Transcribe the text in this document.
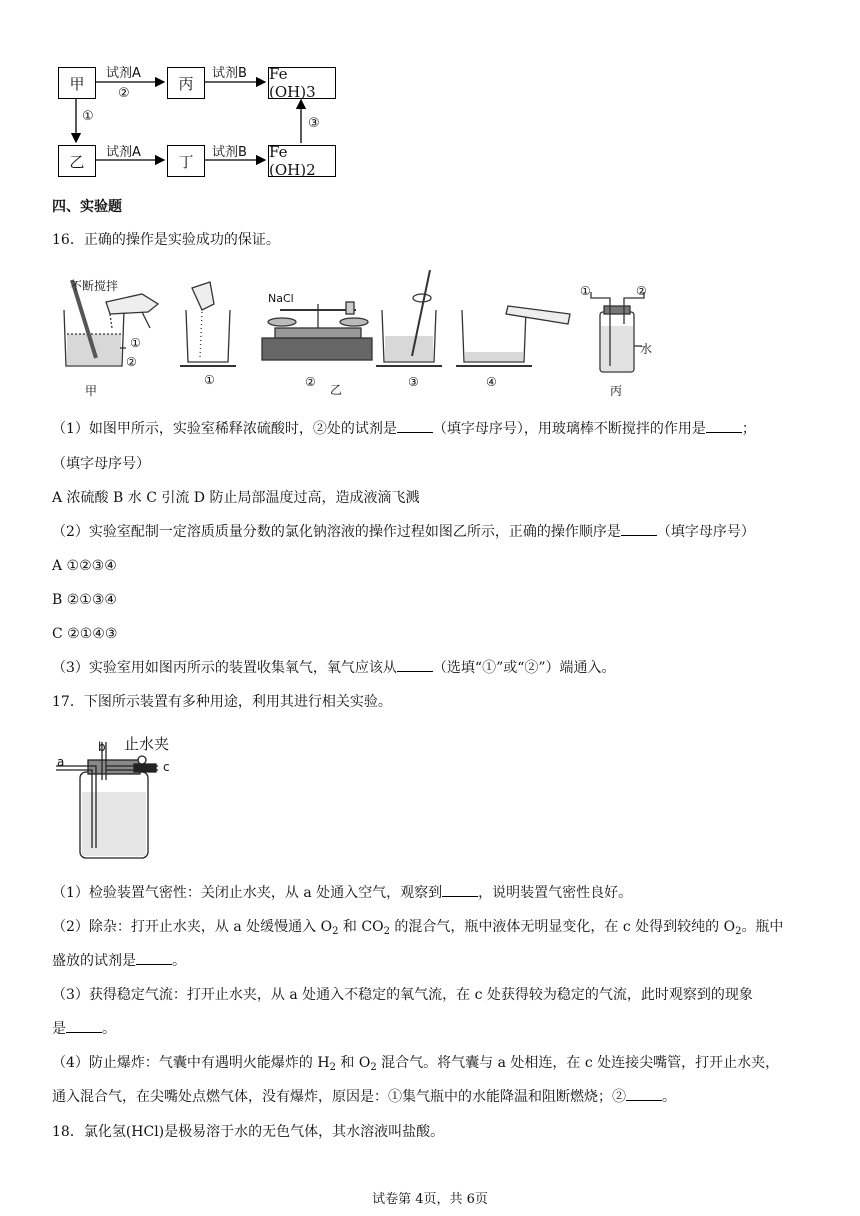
甲	丙
Fe (OH)3
乙	丁
Fe (OH)2
试剂A
②
试剂B
①
试剂A	试剂B
③
四、实验题
16．正确的操作是实验成功的保证。
不断搅拌
①
②
甲
①
NaCl
②
乙
③	④
①	②
水
丙
（1）如图甲所示，实验室稀释浓硫酸时，②处的试剂是	（填字母序号），用玻璃棒不断搅拌的作用是	；
（填字母序号）
A 浓硫酸 B 水 C 引流 D 防止局部温度过高，造成液滴飞溅
（2）实验室配制一定溶质质量分数的氯化钠溶液的操作过程如图乙所示，正确的操作顺序是	（填字母序号）
A ①②③④
B ②①③④
C ②①④③
（3）实验室用如图丙所示的装置收集氧气，氧气应该从	（选填“①”或“②”）端通入。
17．下图所示装置有多种用途，利用其进行相关实验。
止水夹
a
b
c
（1）检验装置气密性：关闭止水夹，从 a 处通入空气，观察到	，说明装置气密性良好。
（2）除杂：打开止水夹，从 a 处缓慢通入 $O_2$ 和 $CO_2$ 的混合气，瓶中液体无明显变化，在 c 处得到较纯的 $O_2$。瓶中
盛放的试剂是	。
（3）获得稳定气流：打开止水夹，从 a 处通入不稳定的氧气流，在 c 处获得较为稳定的气流，此时观察到的现象
是	。
（4）防止爆炸：气囊中有遇明火能爆炸的 $H_2$ 和 $O_2$ 混合气。将气囊与 a 处相连，在 c 处连接尖嘴管，打开止水夹，
通入混合气，在尖嘴处点燃气体，没有爆炸，原因是：①集气瓶中的水能降温和阻断燃烧；②	。
18．氯化氢(HCl)是极易溶于水的无色气体，其水溶液叫盐酸。
试卷第 4页，共 6页
